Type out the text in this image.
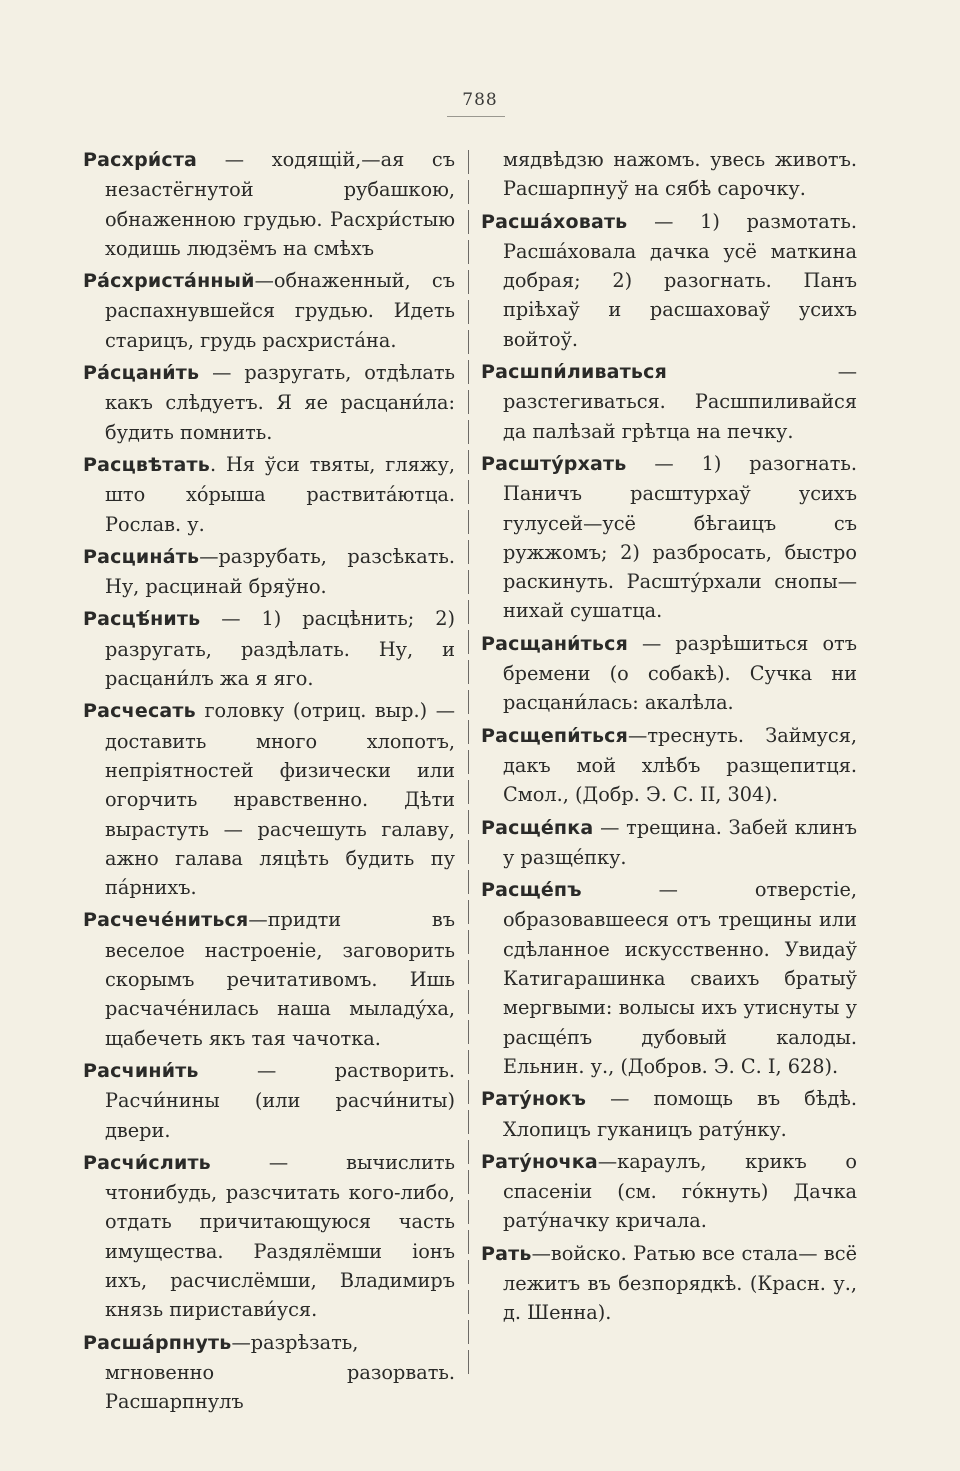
788

Расхри́ста — ходящій,—ая съ незастёгнутой рубашкою, обнаженною грудью. Расхри́стыю ходишь людзёмъ на смѣхъ

Ра́схриста́нный—обнаженный, съ распахнувшейся грудью. Идеть старицъ, грудь расхристáна.

Ра́сцани́ть — разругать, отдѣлать какъ слѣдуетъ. Я яе расцани́ла: будить помнить.

Расцвѣтать. Ня ўси твяты, гляжу, што хóрыша раствитáютца. Рослав. у.

Расцина́ть—разрубать, разсѣкать. Ну, расцинай бряўно.

Расцѣ́нить — 1) расцѣнить; 2) разругать, раздѣлать. Ну, и расцани́лъ жа я яго.

Расчесать головку (отриц. выр.) —доставить много хлопотъ, непріятностей физически или огорчить нравственно. Дѣти вырастуть — расчешуть галаву, ажно галава ляцѣть будить пу пáрнихъ.

Расчече́ниться—придти въ веселое настроеніе, заговорить скорымъ речитативомъ. Ишь расчачéнилась наша мыладу́ха, щабечеть якъ тая чачотка.

Расчини́ть — растворить. Расчи́нины (или расчи́ниты) двери.

Расчи́слить — вычислить чтонибудь, разсчитать кого-либо, отдать причитающуюся часть имущества. Раздялёмши іонъ ихъ, расчислёмши, Владимиръ князь пиристави́уся.

Расша́рпнуть—разрѣзать, мгновенно разорвать. Расшарпнулъ

мядвѣдзю нажомъ. увесь животъ. Расшарпнуў на сябѣ сарочку.

Расша́ховать — 1) размотать. Расшáховала дачка усё маткина добрая; 2) разогнать. Панъ пріѣхаў и расшаховаў усихъ войтоў.

Расшпи́ливаться — разстегиваться. Расшпиливайся да палѣзай грѣтца на печку.

Расшту́рхать — 1) разогнать. Паничъ расштурхаў усихъ гулусей—усё бѣгаицъ съ ружжомъ; 2) разбросать, быстро раскинуть. Расшту́рхали снопы—нихай сушатца.

Расщани́ться — разрѣшиться отъ бремени (о собакѣ). Сучка ни расцани́лась: акалѣла.

Расщепи́ться—треснуть. Займуся, дакъ мой хлѣбъ разщепитця. Смол., (Добр. Э. С. II, 304).

Расще́пка — трещина. Забей клинъ у разщéпку.

Расще́пъ — отверстіе, образовавшееся отъ трещины или сдѣланное искусственно. Увидаў Катигарашинка сваихъ братыў мергвыми: волысы ихъ утиснуты у расщéпъ дубовый калоды. Ельнин. у., (Добров. Э. С. I, 628).

Рату́нокъ — помощь въ бѣдѣ. Хлопицъ гуканицъ рату́нку.

Рату́ночка—караулъ, крикъ о спасеніи (см. гóкнуть) Дачка рату́начку кричала.

Рать—войско. Ратью все стала— всё лежитъ въ безпорядкѣ. (Красн. у., д. Шенна).
